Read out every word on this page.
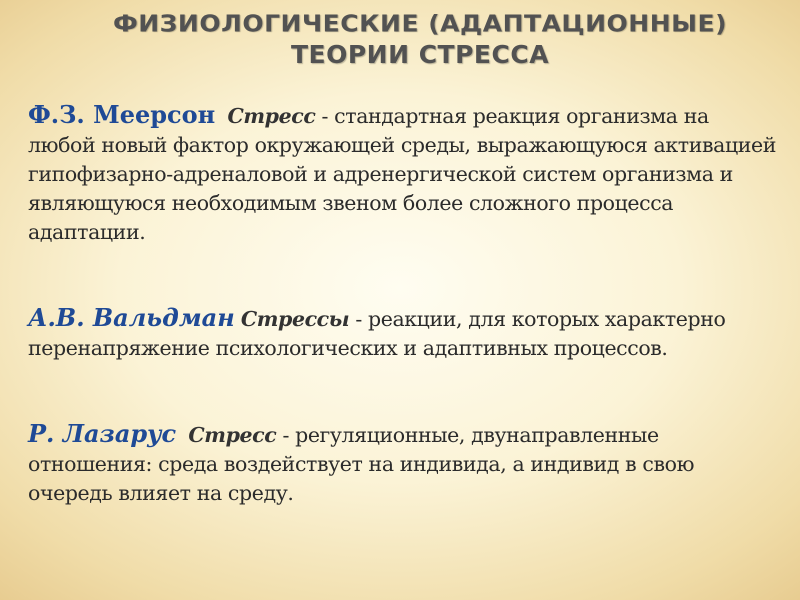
ФИЗИОЛОГИЧЕСКИЕ (АДАПТАЦИОННЫЕ)
ТЕОРИИ СТРЕССА

Ф.З. Меерсон Стресс - стандартная реакция организма на любой новый фактор окружающей среды, выражающуюся активацией гипофизарно-адреналовой и адренергической систем организма и являющуюся необходимым звеном более сложного процесса адаптации.

А.В. Вальдман Стрессы - реакции, для которых характерно перенапряжение психологических и адаптивных процессов.

Р. Лазарус Стресс - регуляционные, двунаправленные отношения: среда воздействует на индивида, а индивид в свою очередь влияет на среду.
